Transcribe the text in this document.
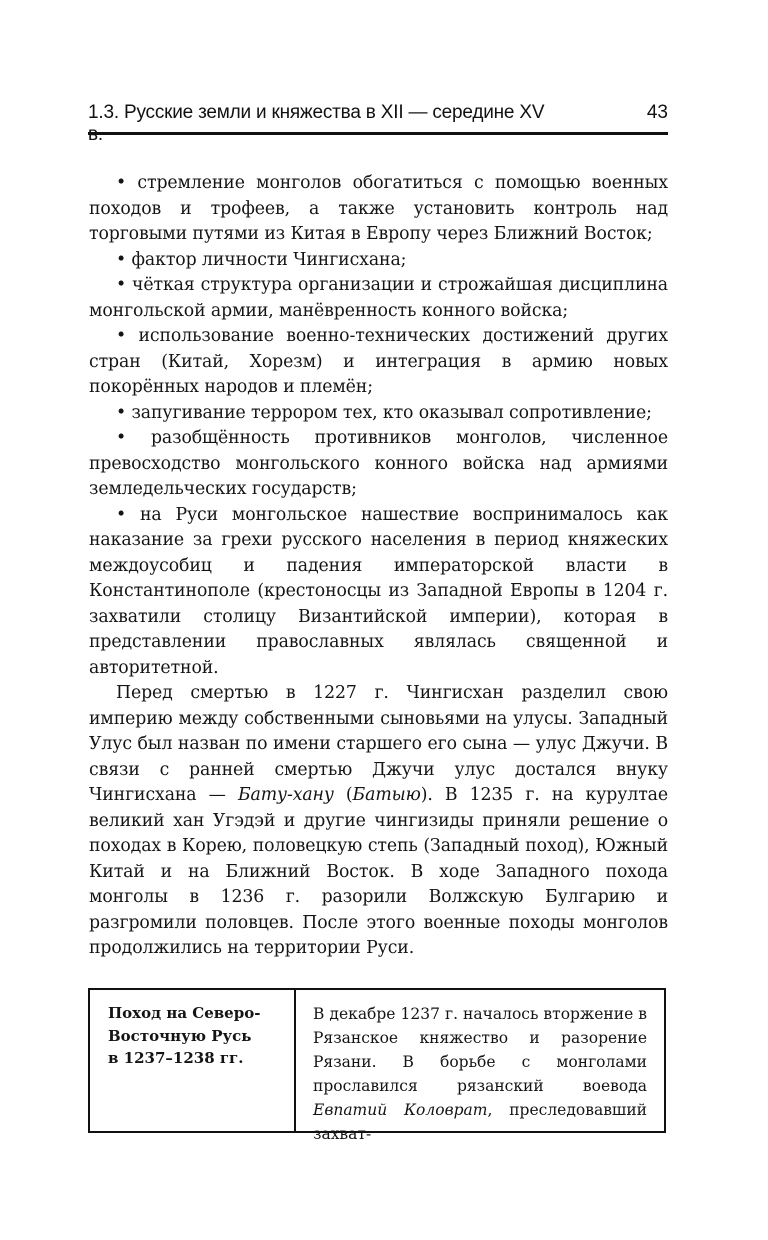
1.3. Русские земли и княжества в XII — середине XV в.
43

• стремление монголов обогатиться с помощью военных походов и трофеев, а также установить контроль над торговыми путями из Китая в Европу через Ближний Восток;

• фактор личности Чингисхана;

• чёткая структура организации и строжайшая дисциплина монгольской армии, манёвренность конного войска;

• использование военно-технических достижений других стран (Китай, Хорезм) и интеграция в армию новых покорённых народов и племён;

• запугивание террором тех, кто оказывал сопротивление;

• разобщённость противников монголов, численное превосходство монгольского конного войска над армиями земледельческих государств;

• на Руси монгольское нашествие воспринималось как наказание за грехи русского населения в период княжеских междоусобиц и падения императорской власти в Константинополе (крестоносцы из Западной Европы в 1204 г. захватили столицу Византийской империи), которая в представлении православных являлась священной и авторитетной.

Перед смертью в 1227 г. Чингисхан разделил свою империю между собственными сыновьями на улусы. Западный Улус был назван по имени старшего его сына — улус Джучи. В связи с ранней смертью Джучи улус достался внуку Чингисхана — Бату-хану (Батыю). В 1235 г. на курултае великий хан Угэдэй и другие чингизиды приняли решение о походах в Корею, половецкую степь (Западный поход), Южный Китай и на Ближний Восток. В ходе Западного похода монголы в 1236 г. разорили Волжскую Булгарию и разгромили половцев. После этого военные походы монголов продолжились на территории Руси.

Поход на Северо-
Восточную Русь
в 1237–1238 гг.
В декабре 1237 г. началось вторжение в Рязанское княжество и разорение Рязани. В борьбе с монголами прославился рязанский воевода Евпатий Коловрат, преследовавший захват-
